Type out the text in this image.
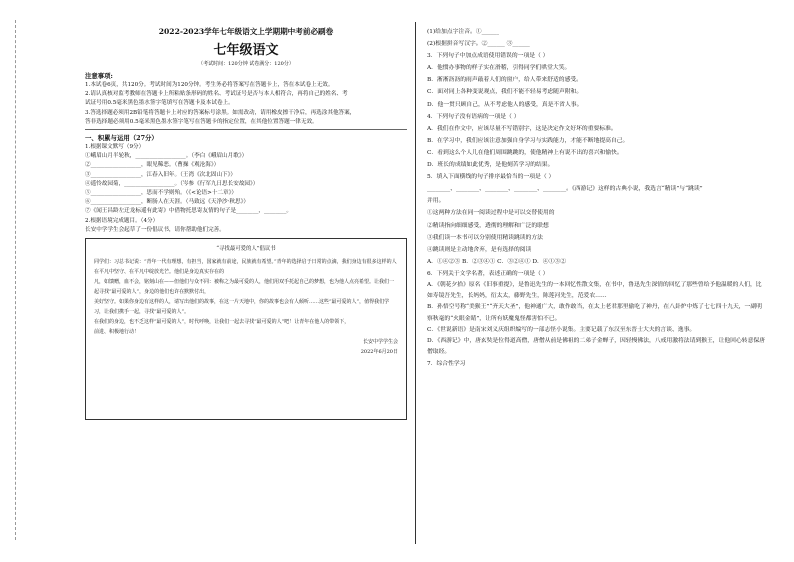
2022-2023学年七年级语文上学期期中考前必刷卷

七年级语文

（考试时间：120分钟 试卷满分：120分）

注意事项:

1.本试卷6页，共120分。考试时间为120分钟。考生务必将答案写在答题卡上，答在本试卷上无效。

2.请认真核对监考教师在答题卡上所粘贴条形码的姓名、考试证号是否与本人相符合，再将自己的姓名、考

试证号用0.5毫米黑色墨水签字笔填写在答题卡及本试卷上。

3.答选择题必须用2B铅笔将答题卡上对应的答案标号涂黑。如需改动，请用橡皮擦干净后，再选涂其他答案，

答非选择题必须用0.5毫米黑色墨水签字笔写在答题卡的指定位置，在其他位置答题一律无效。

一、积累与运用（27分）

1.根据课文默写（9分）

①峨眉山月半轮秋，__________________。（李白《峨眉山月歌》）

②__________________，眼见稀恶。（曹操《观沧海》）

③__________________，江春入旧年。（王湾《次北固山下》）

④遥怜故园菊，__________________。（岑参《行军九日思长安故园》）

⑤__________________，思而不学则殆。（《<论语>十二章》）

⑥__________________，断肠人在天涯。（马致远《天净沙·秋思》）

⑦《闻王昌龄左迁龙标遥有此寄》中借物托思寄友情的句子是________，________。

2.根据语境完成题目。（4分）

长安中学学生会起草了一份倡议书，请你帮助他们完善。

“寻找最可爱的人”倡议书

同学们：习总书记说：“青年一代有理想，有担当，国家就有前途，民族就有希望。”青年的选择启于日常的点滴，我们身边有很多这样的人在平凡中坚守、在平凡中绽放光芒。他们是身边真实存在的

凡，如馈赠，血不会，铭刻山在——但他们与众不同：被称之为最可爱的人，他们用双手托起自己的梦想，也为他人点亮希望。让我们一起寻找“最可爱的人”，身边的他们也许在默默付出，

美好坚守。如果你身边有这样的人，请写出他们的故事，在这一片天地中，你的故事也会有人倾听……这些“最可爱的人”，值得我们学习，让我们携手一起，寻找“最可爱的人”。

在我们的身边，也不乏这样“最可爱的人”，时代呼唤，让我们一起去寻找“最可爱的人”吧！让青年在他人的带领下，

前进、积极地行动！

长安中学学生会

2022年6月20日

(1)给加点字注音。①______

(2)根据拼音写汉字。②______ ③______

3．下列句子中加点成语使用错误的一项是（ ）

A．他惯办事物的样子实在滑稽，引得同学们哄堂大笑。

B．淅淅沥沥的雨声敲着人们的窗户，给人带来舒适的感受。

C．面对同上各种变说观点，我们不能不轻易考虑随声附和。

D．他一贯只顾自己，从不考虑他人的感受，真是不省人事。

4．下列句子没有语病的一项是（ ）

A．我们在作文中，应该尽量不写错别字，这是决定作文好坏的重要标准。

B．在学习中，我们应该注意加强自身学习与实践能力，才能不断地提高自己。

C．看到这么个人儿在他们周围跳跳的，使他精神上有说不出的喜兴和愉快。

D．班长的成绩如此优秀，是他刻苦学习的结果。

5．填入下面横线的句子排序最恰当的一项是（ ）

________、________、________、________、________。《西游记》这样的古典小说，我选言“精读”与“跳读”

并用。

①这两种方法在同一阅读过程中是可以交替使用的

②精读指向细细感受，透彻的理解和广泛的联想

③我们读一本书可以分别使用精读跳读的方法

④跳读则是主动地舍弃，是有选择的阅读

A．①④②③ B．②③④① C．③②④① D．④①③②

6．下列关于文学名著，表述正确的一项是（ ）

A．《朝花夕拾》原名《旧事重提》，是鲁迅先生的一本回忆性散文集，在书中，鲁迅先生深情的回忆了那些曾给予他温暖的人们，比如寿镜吾先生，长妈妈，衍太太，藤野先生，陈莲河先生，范爱农……

B．孙悟空号称“美猴王”“齐天大圣”，他神通广大，敢作敢当，在太上老君那里偷吃了神丹，在八卦炉中炼了七七四十九天，一副明察秋毫的“火眼金睛”，让所有妖魔鬼怪都害怕不已。

C．《世说新语》是南宋刘义庆组织编写的一部志怪小说集。主要记载了东汉至东晋士大夫的言谈、逸事。

D．《西游记》中，唐玄奘是位得道高僧，唐僧从前是佛祖的二弟子金蝉子，因轻慢佛法，八戒用激将法请到猴王，让他回心转意保唐僧取经。

7．综合性学习
